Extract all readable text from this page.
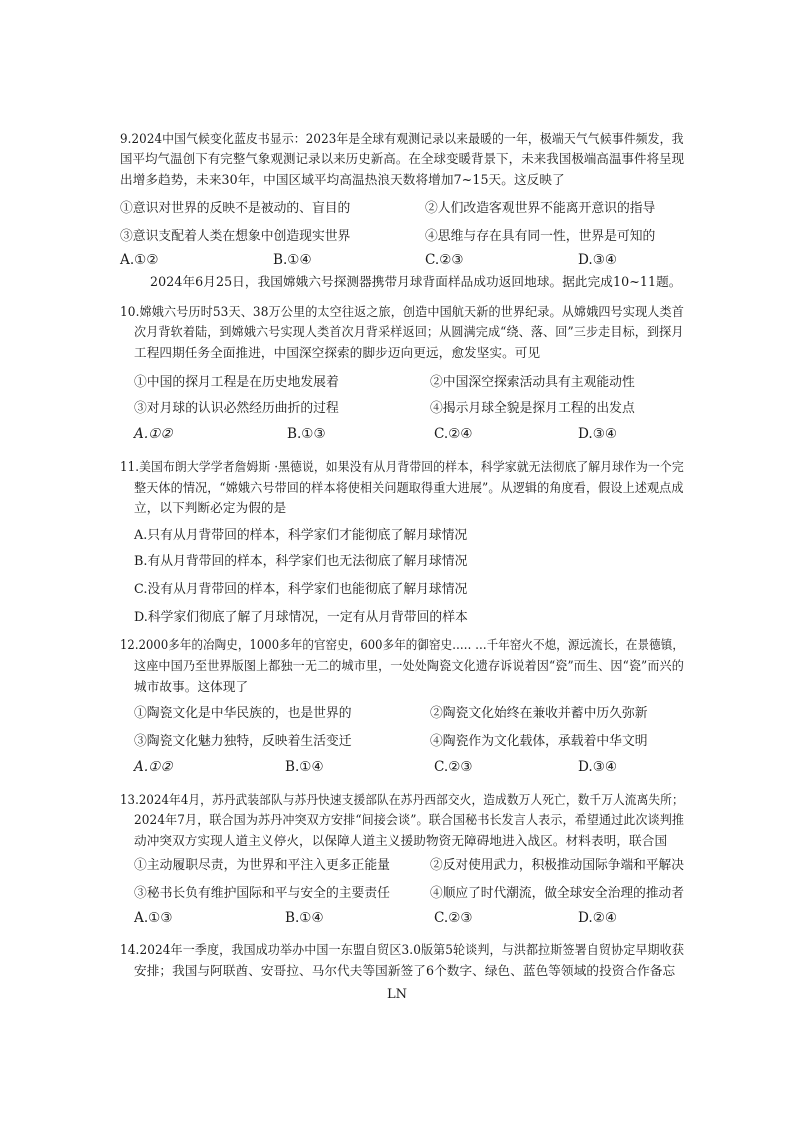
9.2024中国气候变化蓝皮书显示：2023年是全球有观测记录以来最暖的一年，极端天气气候事件频发，我
国平均气温创下有完整气象观测记录以来历史新高。在全球变暖背景下，未来我国极端高温事件将呈现
出增多趋势，未来30年，中国区域平均高温热浪天数将增加7~15天。这反映了
①意识对世界的反映不是被动的、盲目的	②人们改造客观世界不能离开意识的指导
③意识支配着人类在想象中创造现实世界	④思维与存在具有同一性，世界是可知的
A.①②	B.①④	C.②③	D.③④
2024年6月25日，我国嫦娥六号探测器携带月球背面样品成功返回地球。据此完成10~11题。
10.嫦娥六号历时53天、38万公里的太空往返之旅，创造中国航天新的世界纪录。从嫦娥四号实现人类首
次月背软着陆，到嫦娥六号实现人类首次月背采样返回；从圆满完成“绕、落、回”三步走目标，到探月
工程四期任务全面推进，中国深空探索的脚步迈向更远，愈发坚实。可见
①中国的探月工程是在历史地发展着	②中国深空探索活动具有主观能动性
③对月球的认识必然经历曲折的过程	④揭示月球全貌是探月工程的出发点
A.①②	B.①③	C.②④	D.③④
11.美国布朗大学学者詹姆斯 ·黑德说，如果没有从月背带回的样本，科学家就无法彻底了解月球作为一个完
整天体的情况，“嫦娥六号带回的样本将使相关问题取得重大进展”。从逻辑的角度看，假设上述观点成
立，以下判断必定为假的是
A.只有从月背带回的样本，科学家们才能彻底了解月球情况
B.有从月背带回的样本，科学家们也无法彻底了解月球情况
C.没有从月背带回的样本，科学家们也能彻底了解月球情况
D.科学家们彻底了解了月球情况，一定有从月背带回的样本
12.2000多年的冶陶史，1000多年的官窑史，600多年的御窑史.…. …千年窑火不熄，源远流长，在景德镇，
这座中国乃至世界版图上都独一无二的城市里，一处处陶瓷文化遗存诉说着因“瓷”而生、因“瓷”而兴的
城市故事。这体现了
①陶瓷文化是中华民族的，也是世界的	②陶瓷文化始终在兼收并蓄中历久弥新
③陶瓷文化魅力独特，反映着生活变迁	④陶瓷作为文化载体，承载着中华文明
A.①②	B.①④	C.②③	D.③④
13.2024年4月，苏丹武装部队与苏丹快速支援部队在苏丹西部交火，造成数万人死亡，数千万人流离失所；
2024年7月，联合国为苏丹冲突双方安排“间接会谈”。联合国秘书长发言人表示，希望通过此次谈判推
动冲突双方实现人道主义停火，以保障人道主义援助物资无障碍地进入战区。材料表明，联合国
①主动履职尽责，为世界和平注入更多正能量	②反对使用武力，积极推动国际争端和平解决
③秘书长负有维护国际和平与安全的主要责任	④顺应了时代潮流，做全球安全治理的推动者
A.①③	B.①④	C.②③	D.②④
14.2024年一季度，我国成功举办中国一东盟自贸区3.0版第5轮谈判，与洪都拉斯签署自贸协定早期收获
安排；我国与阿联酋、安哥拉、马尔代夫等国新签了6个数字、绿色、蓝色等领域的投资合作备忘
LN
